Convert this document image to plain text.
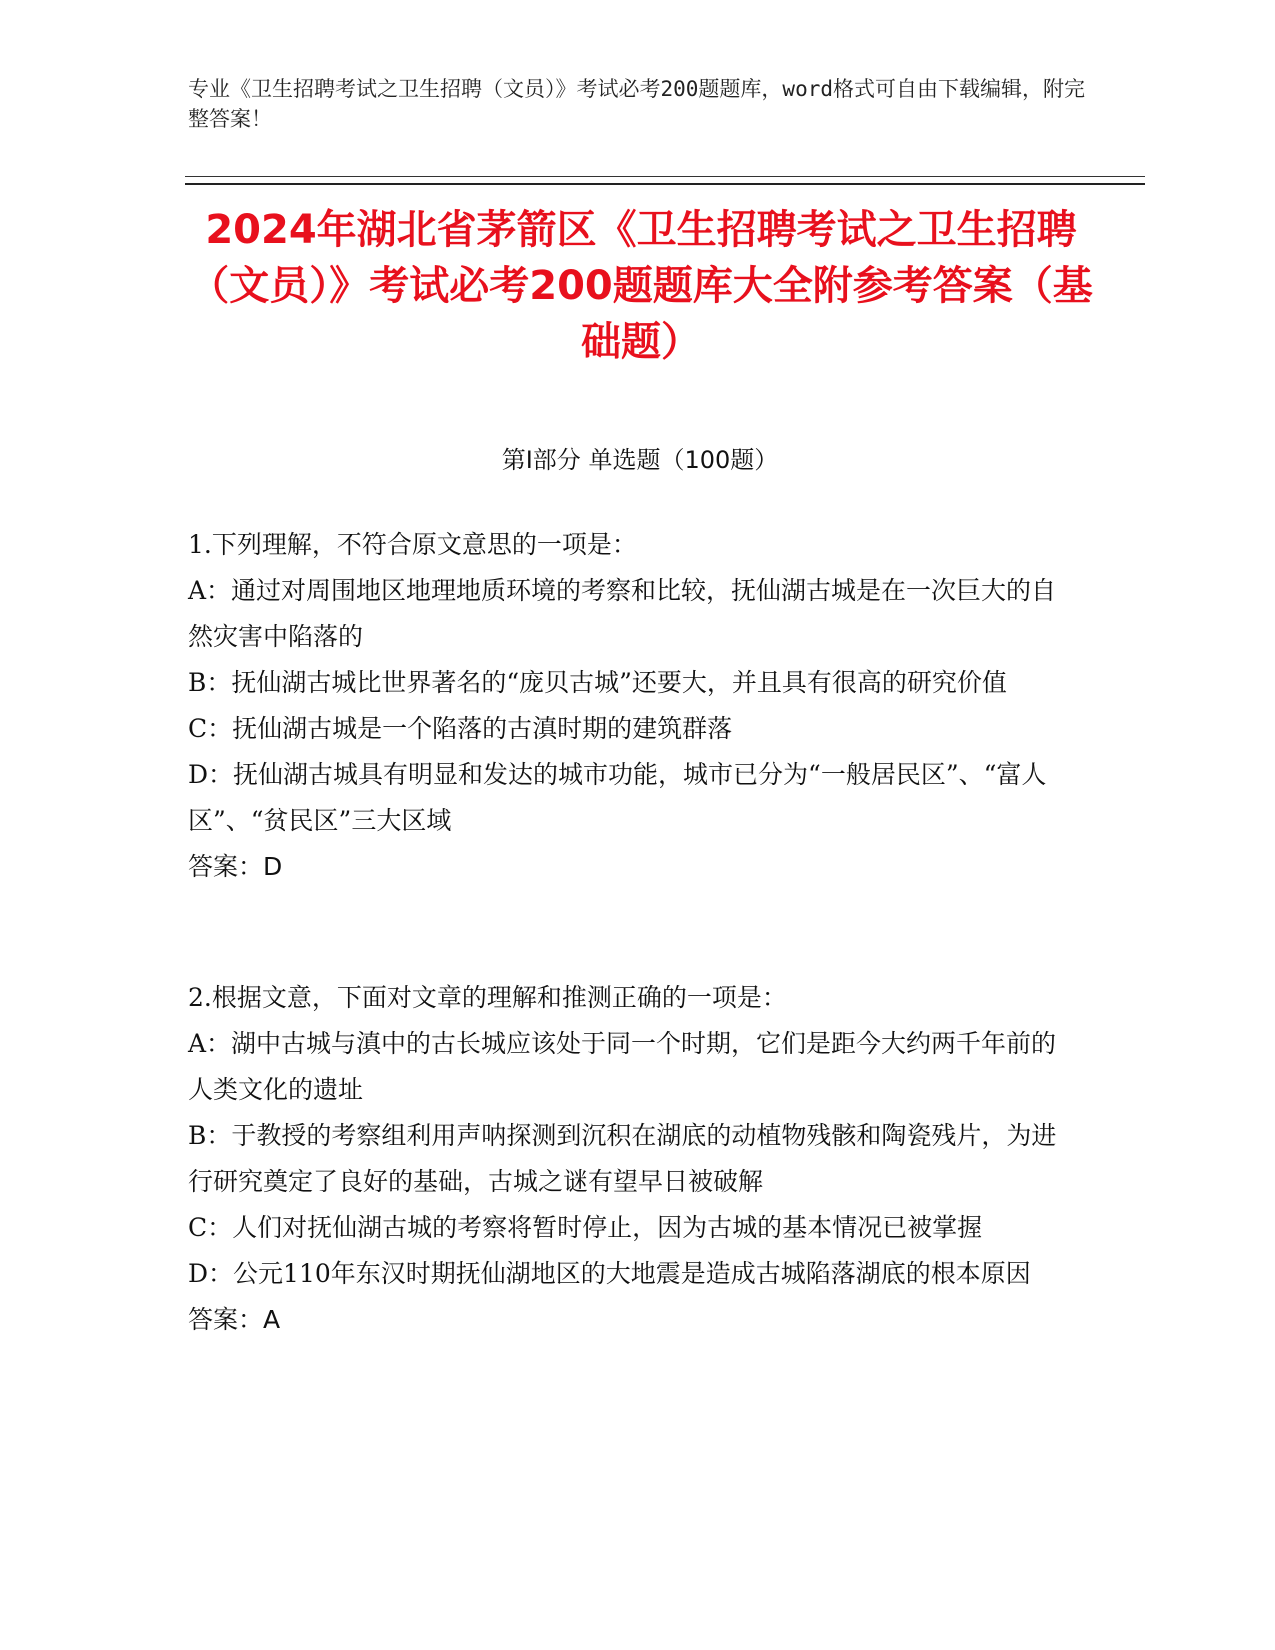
专业《卫生招聘考试之卫生招聘（文员）》考试必考200题题库，word格式可自由下载编辑，附完整答案！
2024年湖北省茅箭区《卫生招聘考试之卫生招聘（文员）》考试必考200题题库大全附参考答案（基础题）
第I部分 单选题（100题）

1.下列理解，不符合原文意思的一项是：

A：通过对周围地区地理地质环境的考察和比较，抚仙湖古城是在一次巨大的自然灾害中陷落的

B：抚仙湖古城比世界著名的“庞贝古城”还要大，并且具有很高的研究价值

C：抚仙湖古城是一个陷落的古滇时期的建筑群落

D：抚仙湖古城具有明显和发达的城市功能，城市已分为“一般居民区”、“富人区”、“贫民区”三大区域

答案：D

2.根据文意，下面对文章的理解和推测正确的一项是：

A：湖中古城与滇中的古长城应该处于同一个时期，它们是距今大约两千年前的人类文化的遗址

B：于教授的考察组利用声呐探测到沉积在湖底的动植物残骸和陶瓷残片，为进行研究奠定了良好的基础，古城之谜有望早日被破解

C：人们对抚仙湖古城的考察将暂时停止，因为古城的基本情况已被掌握

D：公元110年东汉时期抚仙湖地区的大地震是造成古城陷落湖底的根本原因

答案：A
